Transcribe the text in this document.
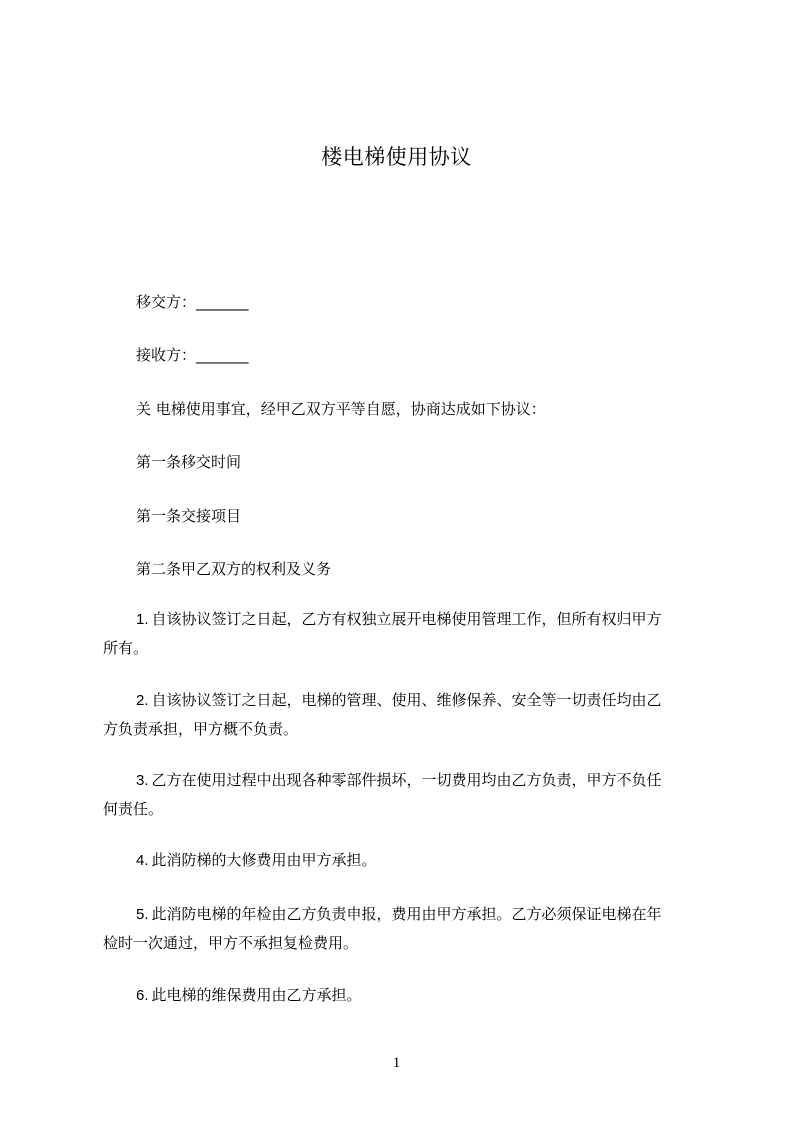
楼电梯使用协议
移交方：_______
接收方：_______
关 电梯使用事宜，经甲乙双方平等自愿，协商达成如下协议：
第一条移交时间
第一条交接项目
第二条甲乙双方的权利及义务
1. 自该协议签订之日起，乙方有权独立展开电梯使用管理工作，但所有权归甲方
所有。
2. 自该协议签订之日起，电梯的管理、使用、维修保养、安全等一切责任均由乙
方负责承担，甲方概不负责。
3. 乙方在使用过程中出现各种零部件损坏，一切费用均由乙方负责，甲方不负任
何责任。
4. 此消防梯的大修费用由甲方承担。
5. 此消防电梯的年检由乙方负责申报，费用由甲方承担。乙方必须保证电梯在年
检时一次通过，甲方不承担复检费用。
6. 此电梯的维保费用由乙方承担。
1
